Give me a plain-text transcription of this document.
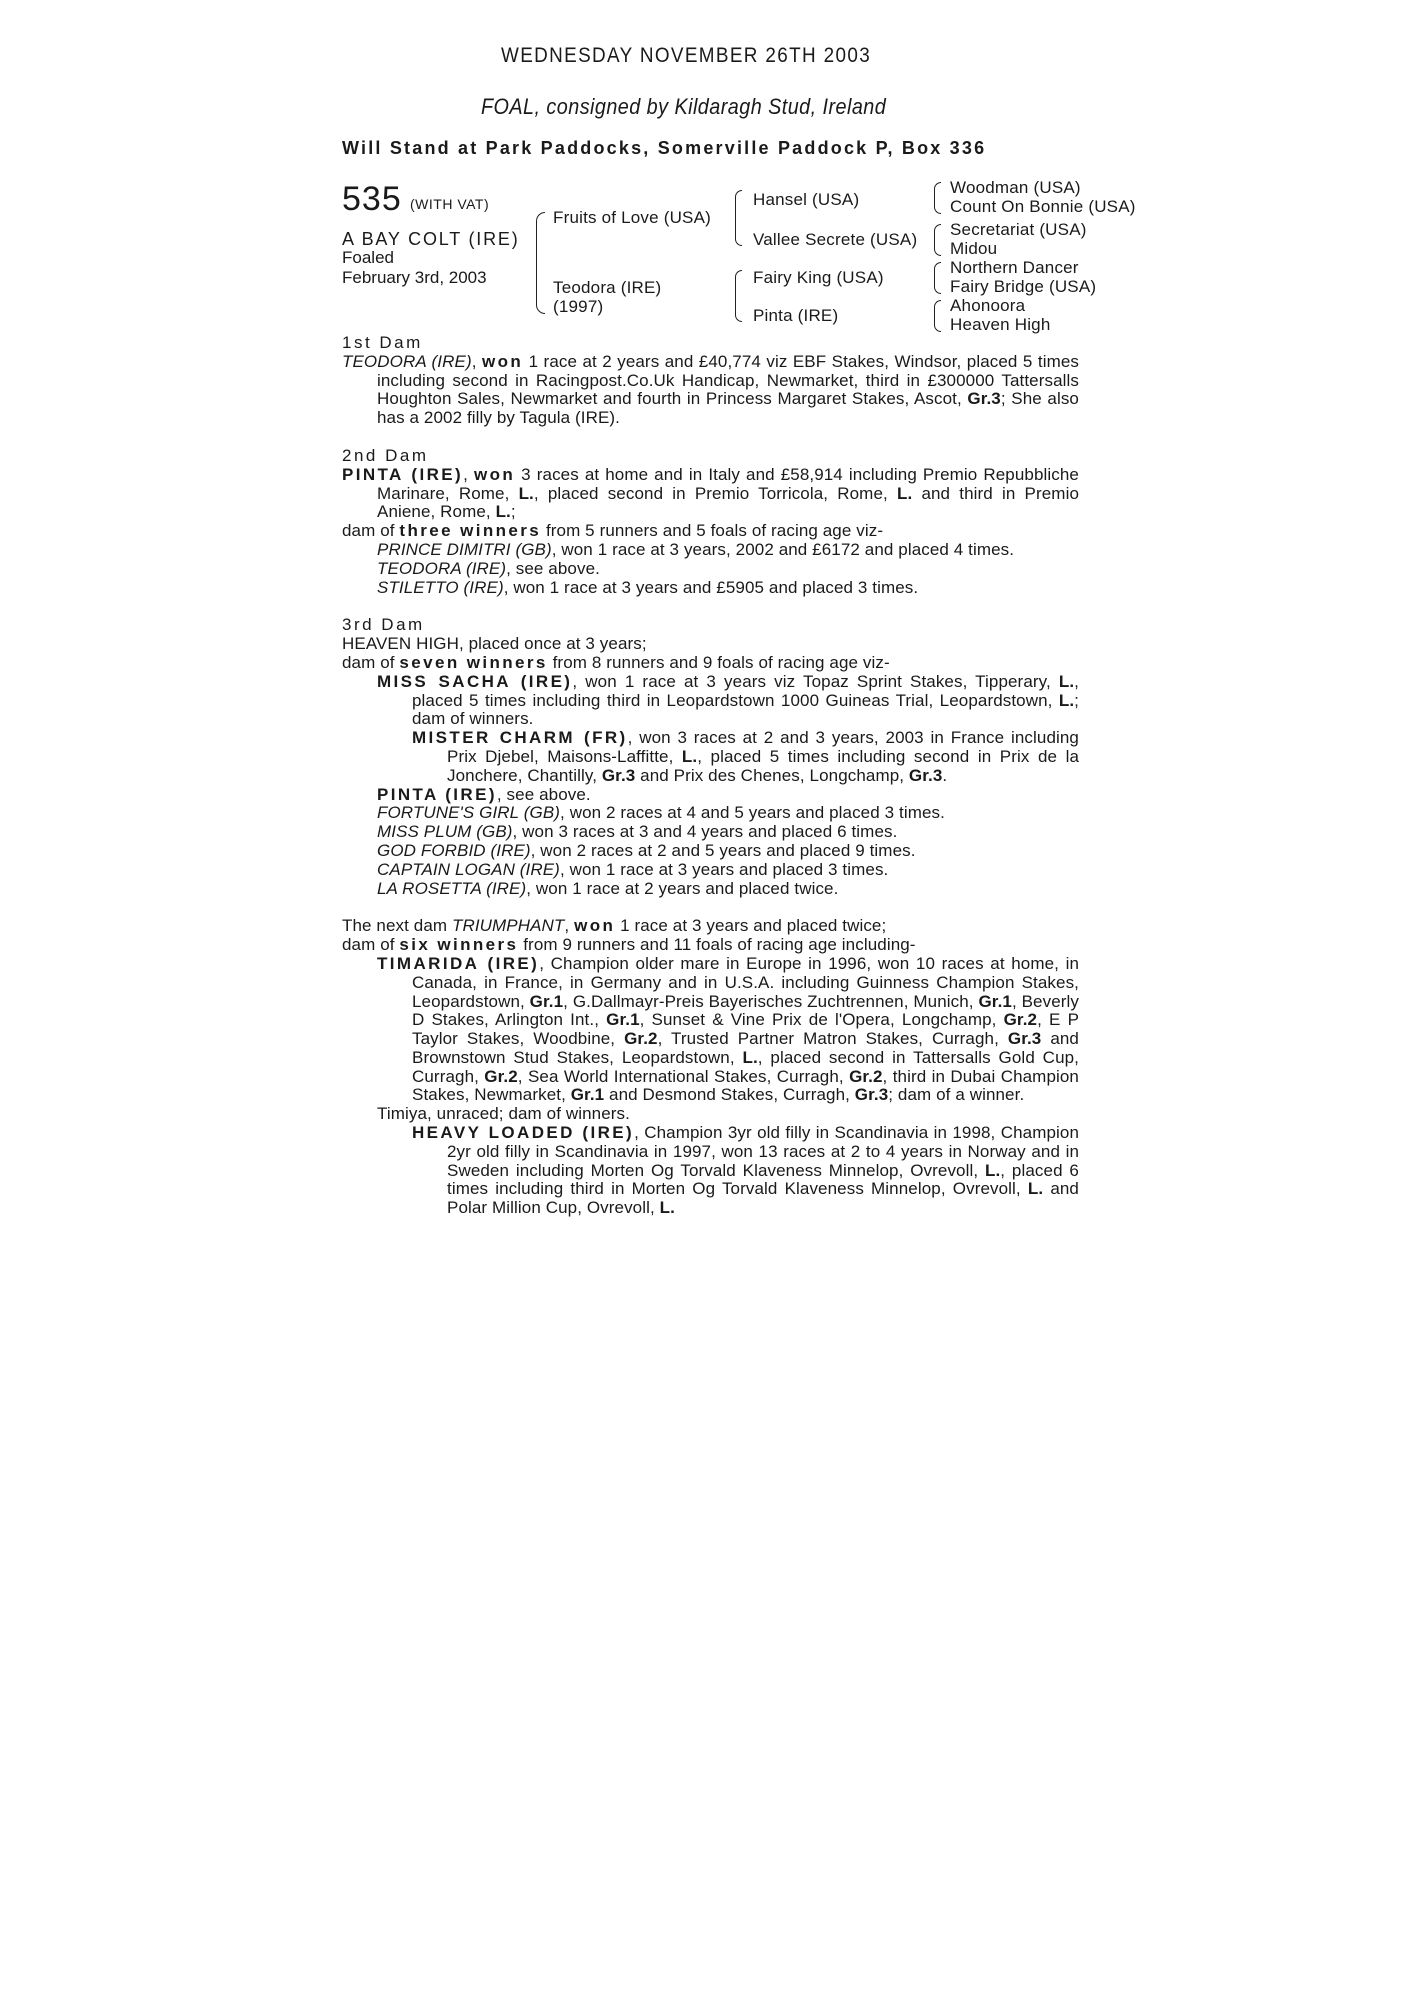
WEDNESDAY NOVEMBER 26TH 2003
FOAL, consigned by Kildaragh Stud, Ireland
Will Stand at Park Paddocks, Somerville Paddock P, Box 336
535 (WITH VAT)
A BAY COLT (IRE)
Foaled
February 3rd, 2003
Fruits of Love (USA)
Teodora (IRE)
(1997)
Hansel (USA)
Vallee Secrete (USA)
Fairy King (USA)
Pinta (IRE)
Woodman (USA)
Count On Bonnie (USA)
Secretariat (USA)
Midou
Northern Dancer
Fairy Bridge (USA)
Ahonoora
Heaven High

1st Dam

TEODORA (IRE), won 1 race at 2 years and £40,774 viz EBF Stakes, Windsor, placed 5 times including second in Racingpost.Co.Uk Handicap, Newmarket, third in £300000 Tattersalls Houghton Sales, Newmarket and fourth in Princess Margaret Stakes, Ascot, Gr.3; She also has a 2002 filly by Tagula (IRE).

2nd Dam

PINTA (IRE), won 3 races at home and in Italy and £58,914 including Premio Repubbliche Marinare, Rome, L., placed second in Premio Torricola, Rome, L. and third in Premio Aniene, Rome, L.;

dam of three winners from 5 runners and 5 foals of racing age viz-

PRINCE DIMITRI (GB), won 1 race at 3 years, 2002 and £6172 and placed 4 times.

TEODORA (IRE), see above.

STILETTO (IRE), won 1 race at 3 years and £5905 and placed 3 times.

3rd Dam

HEAVEN HIGH, placed once at 3 years;

dam of seven winners from 8 runners and 9 foals of racing age viz-

MISS SACHA (IRE), won 1 race at 3 years viz Topaz Sprint Stakes, Tipperary, L., placed 5 times including third in Leopardstown 1000 Guineas Trial, Leopardstown, L.; dam of winners.

MISTER CHARM (FR), won 3 races at 2 and 3 years, 2003 in France including Prix Djebel, Maisons-Laffitte, L., placed 5 times including second in Prix de la Jonchere, Chantilly, Gr.3 and Prix des Chenes, Longchamp, Gr.3.

PINTA (IRE), see above.

FORTUNE'S GIRL (GB), won 2 races at 4 and 5 years and placed 3 times.

MISS PLUM (GB), won 3 races at 3 and 4 years and placed 6 times.

GOD FORBID (IRE), won 2 races at 2 and 5 years and placed 9 times.

CAPTAIN LOGAN (IRE), won 1 race at 3 years and placed 3 times.

LA ROSETTA (IRE), won 1 race at 2 years and placed twice.

The next dam TRIUMPHANT, won 1 race at 3 years and placed twice;

dam of six winners from 9 runners and 11 foals of racing age including-

TIMARIDA (IRE), Champion older mare in Europe in 1996, won 10 races at home, in Canada, in France, in Germany and in U.S.A. including Guinness Champion Stakes, Leopardstown, Gr.1, G.Dallmayr-Preis Bayerisches Zuchtrennen, Munich, Gr.1, Beverly D Stakes, Arlington Int., Gr.1, Sunset & Vine Prix de l'Opera, Longchamp, Gr.2, E P Taylor Stakes, Woodbine, Gr.2, Trusted Partner Matron Stakes, Curragh, Gr.3 and Brownstown Stud Stakes, Leopardstown, L., placed second in Tattersalls Gold Cup, Curragh, Gr.2, Sea World International Stakes, Curragh, Gr.2, third in Dubai Champion Stakes, Newmarket, Gr.1 and Desmond Stakes, Curragh, Gr.3; dam of a winner.

Timiya, unraced; dam of winners.

HEAVY LOADED (IRE), Champion 3yr old filly in Scandinavia in 1998, Champion 2yr old filly in Scandinavia in 1997, won 13 races at 2 to 4 years in Norway and in Sweden including Morten Og Torvald Klaveness Minnelop, Ovrevoll, L., placed 6 times including third in Morten Og Torvald Klaveness Minnelop, Ovrevoll, L. and Polar Million Cup, Ovrevoll, L.
